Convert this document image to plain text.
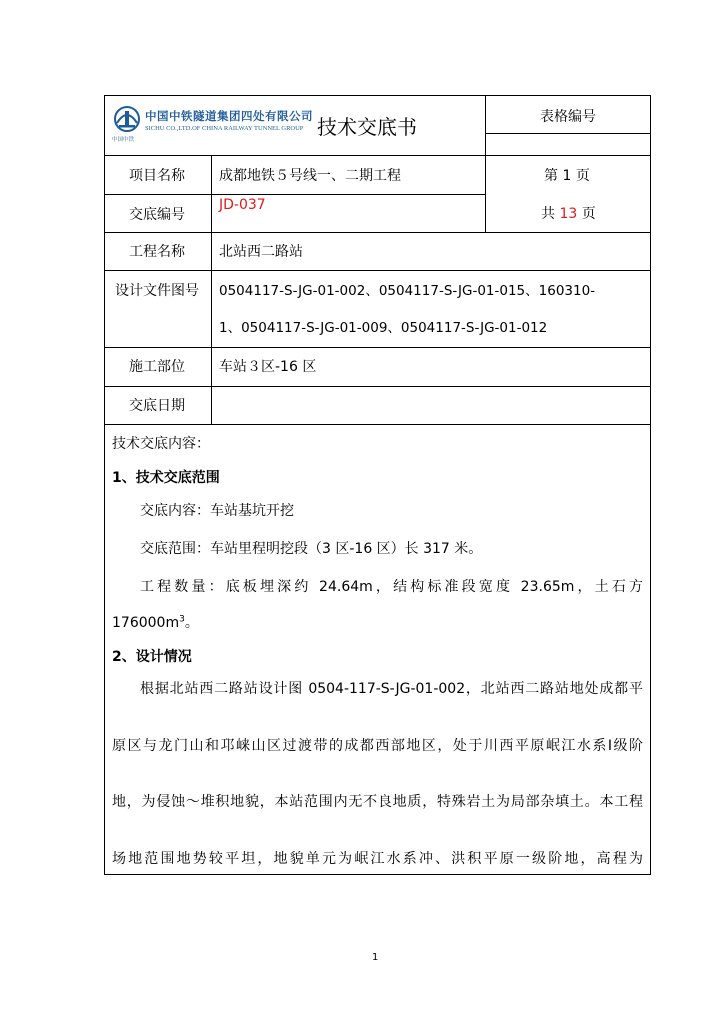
中国中铁隧道集团四处有限公司
SICHU CO.,LTD.OF CHINA RAILWAY TUNNEL GROUP
中国中铁
技术交底书	表格编号
项目名称 成都地铁５号线一、二期工程	第 1 页
交底编号
JD-037
共 13 页
工程名称 北站西二路站
设计文件图号 0504117-S-JG-01-002、0504117-S-JG-01-015、160310-
1、0504117-S-JG-01-009、0504117-S-JG-01-012
施工部位 车站３区-16 区
交底日期
技术交底内容：
1、技术交底范围
交底内容：车站基坑开挖
交底范围：车站里程明挖段（3 区-16 区）长 317 米。
工程数量：底板埋深约 24.64m，结构标准段宽度 23.65m，土石方
$176000m^3$。
2、设计情况
根据北站西二路站设计图 0504-117-S-JG-01-002，北站西二路站地处成都平
原区与龙门山和邛崃山区过渡带的成都西部地区，处于川西平原岷江水系Ⅰ级阶
地，为侵蚀～堆积地貌，本站范围内无不良地质，特殊岩土为局部杂填土。本工程
场地范围地势较平坦，地貌单元为岷江水系冲、洪积平原一级阶地，高程为
1
